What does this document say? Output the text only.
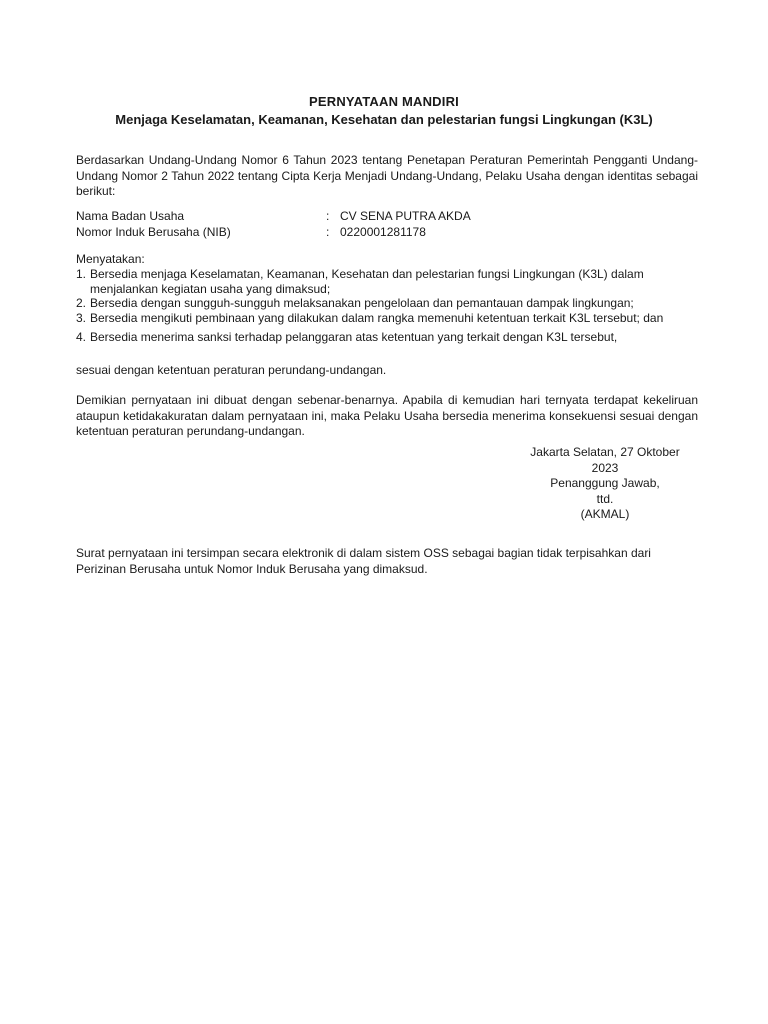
PERNYATAAN MANDIRI

Menjaga Keselamatan, Keamanan, Kesehatan dan pelestarian fungsi Lingkungan (K3L)

Berdasarkan Undang-Undang Nomor 6 Tahun 2023 tentang Penetapan Peraturan Pemerintah Pengganti Undang-Undang Nomor 2 Tahun 2022 tentang Cipta Kerja Menjadi Undang-Undang, Pelaku Usaha dengan identitas sebagai berikut:

Nama Badan Usaha	: CV SENA PUTRA AKDA
Nomor Induk Berusaha (NIB)	: 0220001281178

Menyatakan:

1. Bersedia menjaga Keselamatan, Keamanan, Kesehatan dan pelestarian fungsi Lingkungan (K3L) dalam menjalankan kegiatan usaha yang dimaksud;
2. Bersedia dengan sungguh-sungguh melaksanakan pengelolaan dan pemantauan dampak lingkungan;
3. Bersedia mengikuti pembinaan yang dilakukan dalam rangka memenuhi ketentuan terkait K3L tersebut; dan
4. Bersedia menerima sanksi terhadap pelanggaran atas ketentuan yang terkait dengan K3L tersebut,

sesuai dengan ketentuan peraturan perundang-undangan.

Demikian pernyataan ini dibuat dengan sebenar-benarnya. Apabila di kemudian hari ternyata terdapat kekeliruan ataupun ketidakakuratan dalam pernyataan ini, maka Pelaku Usaha bersedia menerima konsekuensi sesuai dengan ketentuan peraturan perundang-undangan.

Jakarta Selatan, 27 Oktober
2023
Penanggung Jawab,
ttd.
(AKMAL)

Surat pernyataan ini tersimpan secara elektronik di dalam sistem OSS sebagai bagian tidak terpisahkan dari Perizinan Berusaha untuk Nomor Induk Berusaha yang dimaksud.
